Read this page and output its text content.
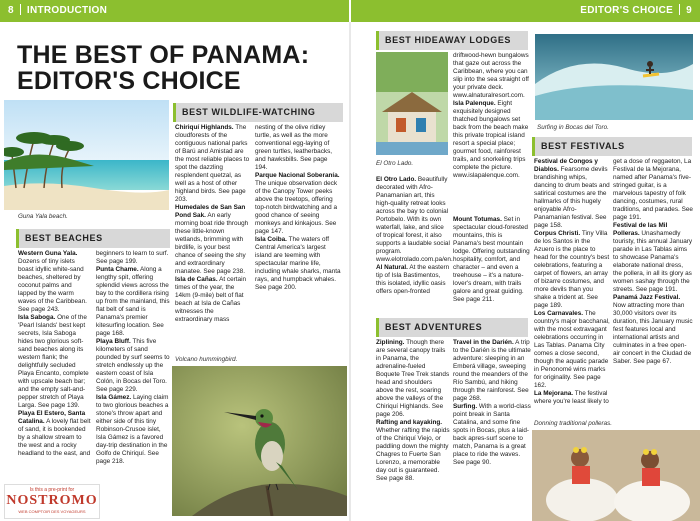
8 INTRODUCTION	EDITOR'S CHOICE 9
THE BEST OF PANAMA: EDITOR'S CHOICE
Guna Yala beach.
BEST BEACHES
Western Guna Yala. Dozens of tiny islets boast idyllic white-sand beaches, sheltered by coconut palms and lapped by the warm waves of the Caribbean. See page 243.
Isla Saboga. One of the 'Pearl Islands' best kept secrets, Isla Saboga hides two glorious soft-sand beaches along its western flank; the delightfully secluded Playa Encanto, complete with upscale beach bar; and the empty salt-and-pepper stretch of Playa Larga. See page 139.
Playa El Estero, Santa Catalina. A lovely flat belt of sand, it is bookended by a shallow stream to the west and a rocky headland to the east, and
beginners to learn to surf. See page 199.
Punta Chame. Along a lengthy spit, offering splendid views across the bay to the cordillera rising up from the mainland, this flat belt of sand is Panama's premier kitesurfing location. See page 168.
Playa Bluff. This five kilometers of sand pounded by surf seems to stretch endlessly up the eastern coast of Isla Colón, in Bocas del Toro. See page 229.
Isla Gámez. Laying claim to two glorious beaches a stone's throw apart and either side of this tiny Robinson-Crusoe islet, Isla Gámez is a favored day-trip destination in the Golfo de Chiriquí. See page 218.
Is this a pre-print for
NOSTROMO
WEB COMPTOIR DES VOYAGEURS
BEST WILDLIFE-WATCHING
Chiriquí Highlands. The cloudforests of the contiguous national parks of Barú and Amistad are the most reliable places to spot the dazzling resplendent quetzal, as well as a host of other highland birds. See page 203.
Humedales de San San Pond Sak. An early morning boat ride through these little-known wetlands, brimming with birdlife, is your best chance of seeing the shy and extraordinary manatee. See page 238.
Isla de Cañas. At certain times of the year, the 14km (9-mile) belt of flat beach at Isla de Cañas witnesses the extraordinary mass
nesting of the olive ridley turtle, as well as the more conventional egg-laying of green turtles, leatherbacks, and hawksbills. See page 194.
Parque Nacional Soberanía. The unique observation deck of the Canopy Tower peeks above the treetops, offering top-notch birdwatching and a good chance of seeing monkeys and kinkajous. See page 147.
Isla Coiba. The waters off Central America's largest island are teeming with spectacular marine life, including whale sharks, manta rays, and humpback whales. See page 200.
Volcano hummingbird.
BEST HIDEAWAY LODGES
El Otro Lado.
driftwood-hewn bungalows that gaze out across the Caribbean, where you can slip into the sea straight off your private deck. www.alnaturalresort.com.
Isla Palenque. Eight exquisitely designed thatched bungalows set back from the beach make this private tropical island resort a special place; gourmet food, rainforest trails, and snorkeling trips complete the picture. www.islapalenque.com.
El Otro Lado. Beautifully decorated with Afro-Panamanian art, this high-quality retreat looks across the bay to colonial Portobelo. With its own waterfall, lake, and slice of tropical forest, it also supports a laudable social program. www.elotrolado.com.pa/en.
Al Natural. At the eastern tip of Isla Bastimentos, this isolated, idyllic oasis offers open-fronted
Mount Totumas. Set in spectacular cloud-forested mountains, this is Panama's best mountain lodge. Offering outstanding hospitality, comfort, and character – and even a treehouse – it's a nature-lover's dream, with trails galore and great guiding. See page 211.
Surfing in Bocas del Toro.
BEST FESTIVALS
Festival de Congos y Diablos. Fearsome devils brandishing whips, dancing to drum beats and satirical costumes are the hallmarks of this hugely enjoyable Afro-Panamanian festival. See page 158.
Corpus Christi. Tiny Villa de los Santos in the Azuero is the place to head for the country's best celebrations, featuring a carpet of flowers, an array of bizarre costumes, and more devils than you shake a trident at. See page 189.
Los Carnavales. The country's major bacchanal, with the most extravagant celebrations occurring in Las Tablas. Panama City comes a close second, though the aquatic parade in Penonomé wins marks for originality. See page 162.
La Mejorana. The festival where you're least likely to
get a dose of reggaeton, La Festival de la Mejorana, named after Panama's five-stringed guitar, is a marvelous tapestry of folk dancing, costumes, rural traditions, and parades. See page 191.
Festival de las Mil Polleras. Unashamedly touristy, this annual January parade in Las Tablas aims to showcase Panama's elaborate national dress, the pollera, in all its glory as women sashay through the streets. See page 191.
Panamá Jazz Festival. Now attracting more than 30,000 visitors over its duration, this January music fest features local and international artists and culminates in a free open-air concert in the Ciudad de Saber. See page 67.
BEST ADVENTURES
Ziplining. Though there are several canopy trails in Panama, the adrenaline-fueled Boquete Tree Trek stands head and shoulders above the rest, soaring above the valleys of the Chiriquí Highlands. See page 206.
Rafting and kayaking. Whether rafting the rapids of the Chiriquí Viejo, or paddling down the mighty Chagres to Fuerte San Lorenzo, a memorable day out is guaranteed. See page 88.
Travel in the Darién. A trip to the Darién is the ultimate adventure: sleeping in an Emberá village, sweeping round the meanders of the Río Sambú, and hiking through the rainforest. See page 268.
Surfing. With a world-class point break in Santa Catalina, and some fine spots in Bocas, plus a laid-back apres-surf scene to match, Panama is a great place to ride the waves. See page 90.
Donning traditional polleras.
